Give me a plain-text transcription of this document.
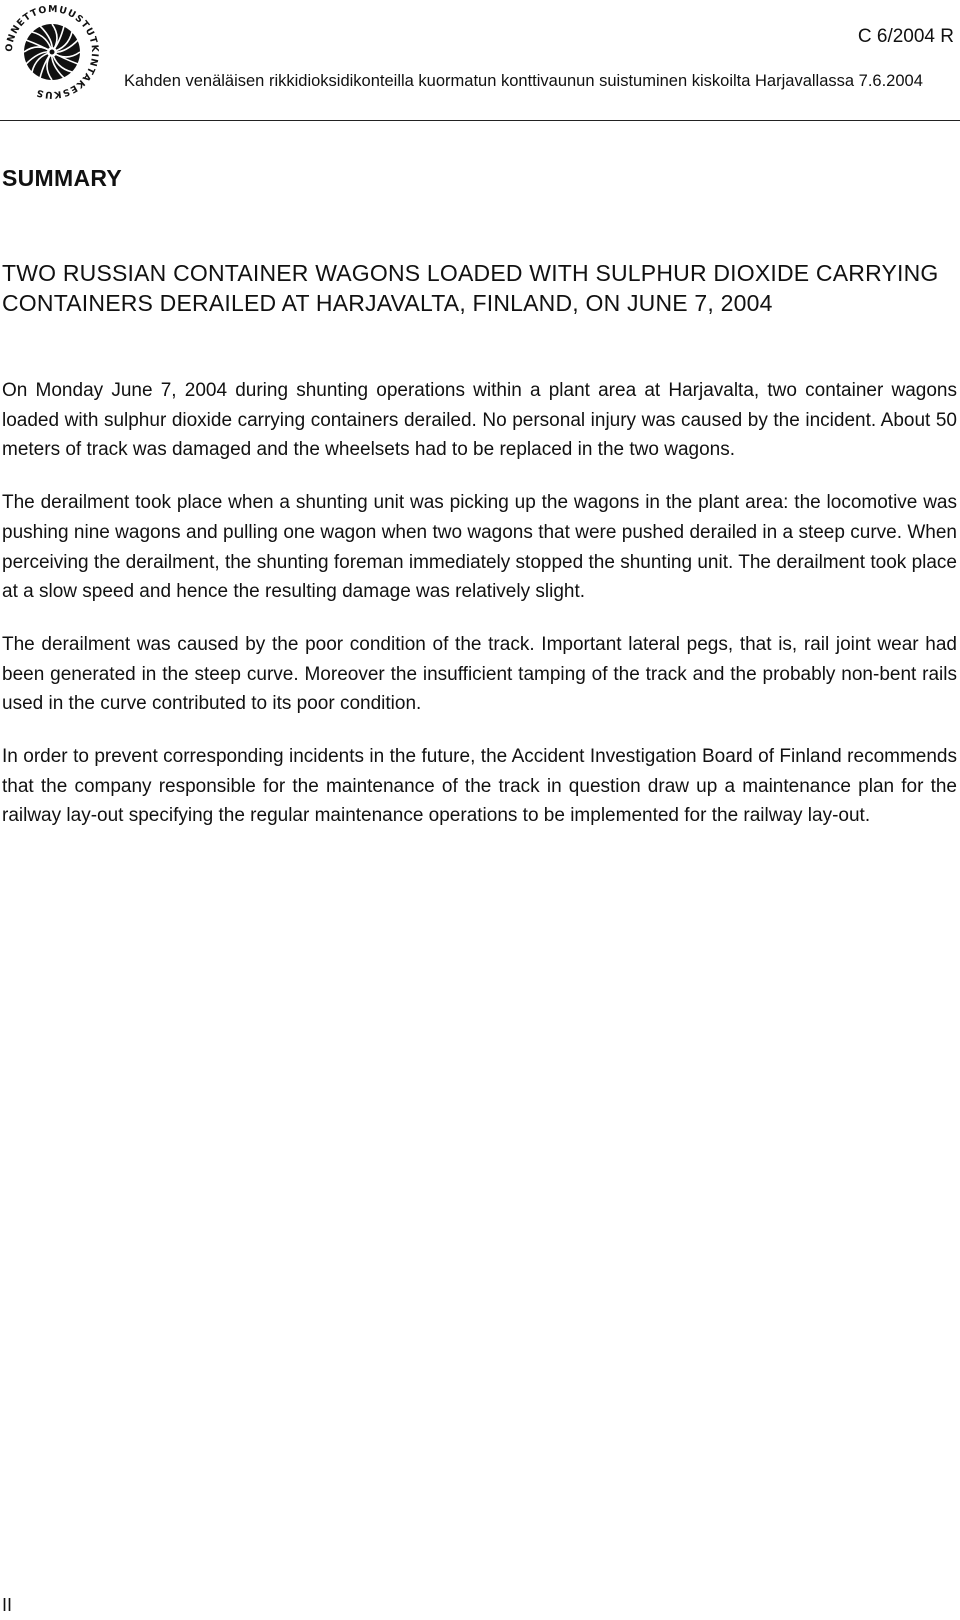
ONNETTOMUUSTUTKINTAKESKUS
C 6/2004 R
Kahden venäläisen rikkidioksidikonteilla kuormatun konttivaunun suistuminen kiskoilta Harjavallassa 7.6.2004
SUMMARY
TWO RUSSIAN CONTAINER WAGONS LOADED WITH SULPHUR DIOXIDE CARRYING CONTAINERS DERAILED AT HARJAVALTA, FINLAND, ON JUNE 7, 2004

On Monday June 7, 2004 during shunting operations within a plant area at Harjavalta, two container wagons loaded with sulphur dioxide carrying containers derailed. No personal injury was caused by the incident. About 50 meters of track was damaged and the wheelsets had to be replaced in the two wagons.

The derailment took place when a shunting unit was picking up the wagons in the plant area: the locomotive was pushing nine wagons and pulling one wagon when two wagons that were pushed derailed in a steep curve. When perceiving the derailment, the shunting foreman immediately stopped the shunting unit. The derailment took place at a slow speed and hence the resulting damage was relatively slight.

The derailment was caused by the poor condition of the track. Important lateral pegs, that is, rail joint wear had been generated in the steep curve. Moreover the insufficient tamping of the track and the probably non-bent rails used in the curve contributed to its poor condition.

In order to prevent corresponding incidents in the future, the Accident Investigation Board of Finland recommends that the company responsible for the maintenance of the track in question draw up a maintenance plan for the railway lay-out specifying the regular maintenance operations to be implemented for the railway lay-out.

II
